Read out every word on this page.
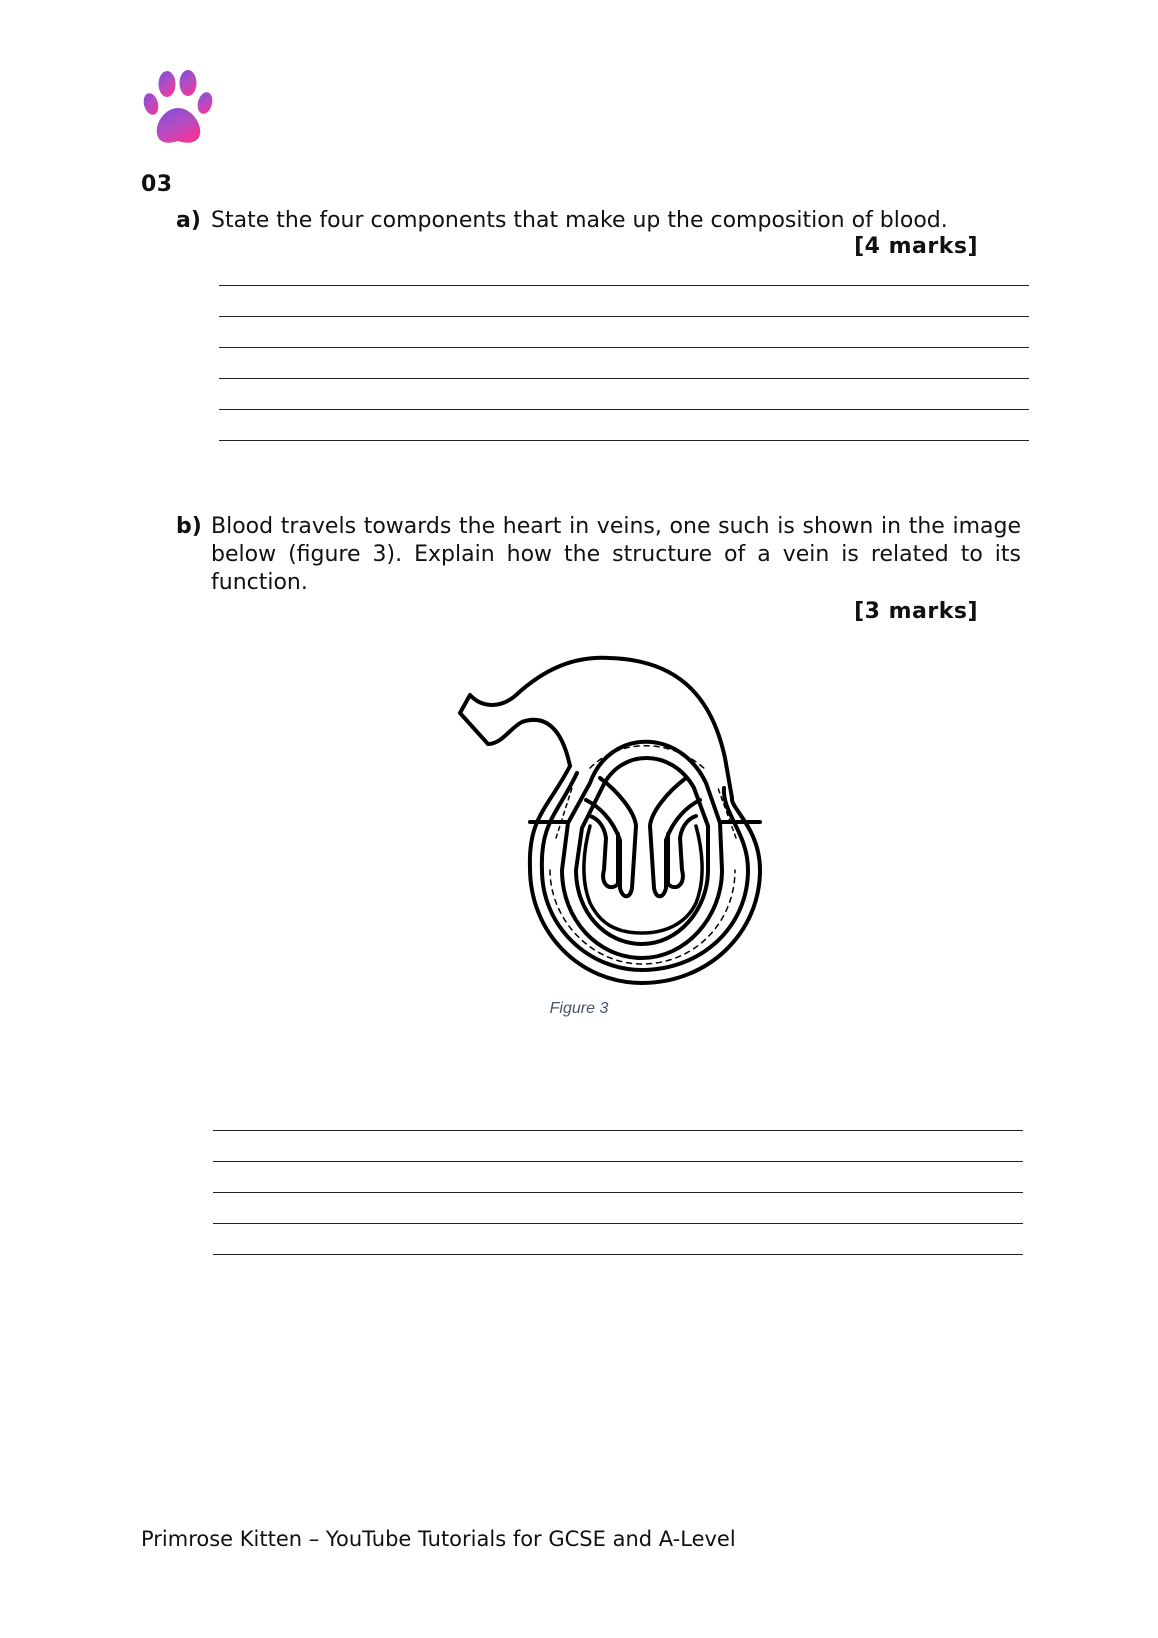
03
a) State the four components that make up the composition of blood.
[4 marks]
b) Blood travels towards the heart in veins, one such is shown in the image below (figure 3). Explain how the structure of a vein is related to its function.
[3 marks]
Figure 3
Primrose Kitten – YouTube Tutorials for GCSE and A-Level
